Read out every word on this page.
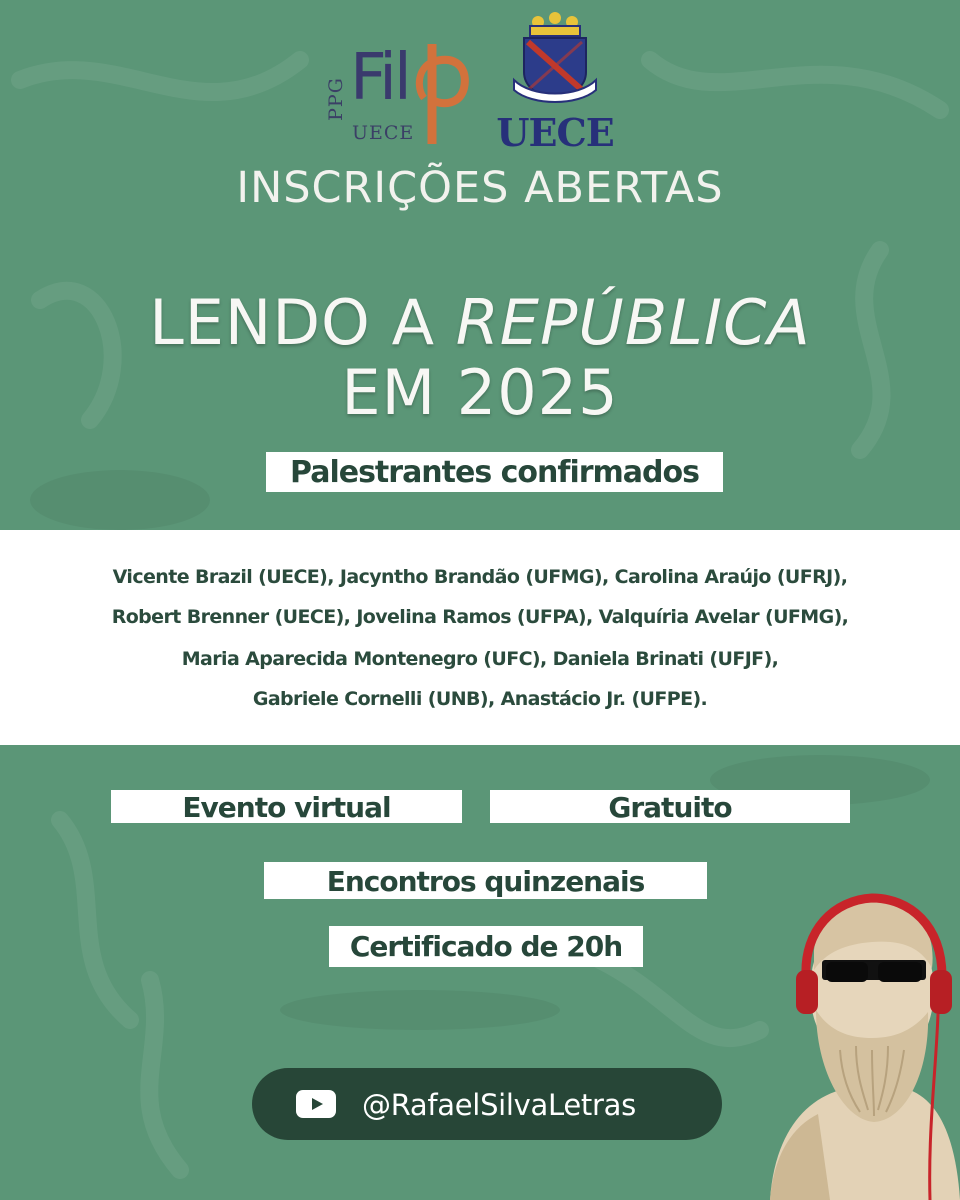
PPG Fil
UECE UECE
INSCRIÇÕES ABERTAS
LENDO A REPÚBLICA
EM 2025
Palestrantes confirmados
Vicente Brazil (UECE), Jacyntho Brandão (UFMG), Carolina Araújo (UFRJ),
Robert Brenner (UECE), Jovelina Ramos (UFPA), Valquíria Avelar (UFMG),
Maria Aparecida Montenegro (UFC), Daniela Brinati (UFJF),
Gabriele Cornelli (UNB), Anastácio Jr. (UFPE).
Evento virtual	Gratuito
Encontros quinzenais
Certificado de 20h
@RafaelSilvaLetras
